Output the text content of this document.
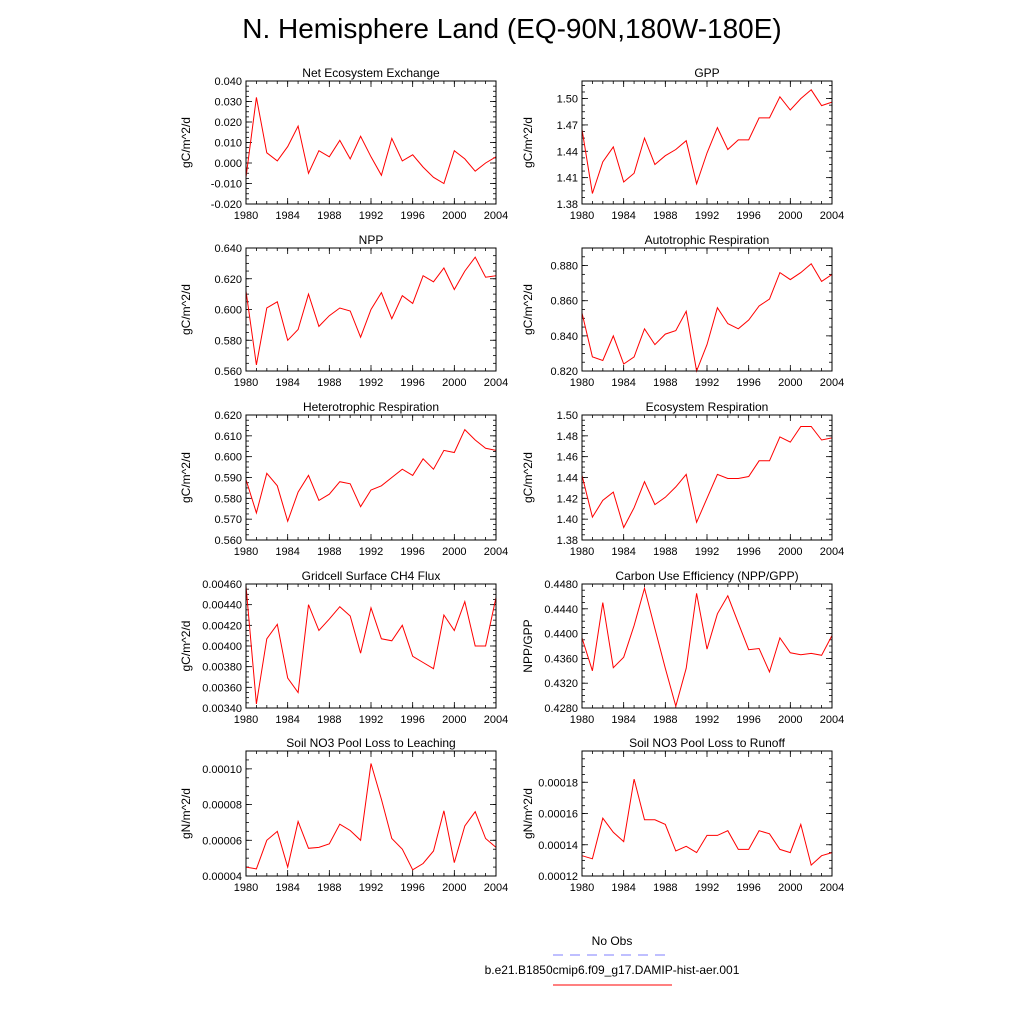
N. Hemisphere Land (EQ-90N,180W-180E)
Net Ecosystem Exchange
1980 1984 1988 1992 1996 2000 2004
-0.020
-0.010
0.000
0.010
0.020
0.030
0.040
gC/m^2/d
GPP
1980 1984 1988 1992 1996 2000 2004
1.38
1.41
1.44
1.47
1.50
gC/m^2/d
NPP
1980 1984 1988 1992 1996 2000 2004
0.560
0.580
0.600
0.620
0.640
gC/m^2/d
Autotrophic Respiration
1980 1984 1988 1992 1996 2000 2004
0.820
0.840
0.860
0.880
gC/m^2/d
Heterotrophic Respiration
1980 1984 1988 1992 1996 2000 2004
0.560
0.570
0.580
0.590
0.600
0.610
0.620
gC/m^2/d
Ecosystem Respiration
1980 1984 1988 1992 1996 2000 2004
1.38
1.40
1.42
1.44
1.46
1.48
1.50
gC/m^2/d
Gridcell Surface CH4 Flux
1980 1984 1988 1992 1996 2000 2004
0.00340
0.00360
0.00380
0.00400
0.00420
0.00440
0.00460
gC/m^2/d
Carbon Use Efficiency (NPP/GPP)
1980 1984 1988 1992 1996 2000 2004
0.4280
0.4320
0.4360
0.4400
0.4440
0.4480
NPP/GPP
Soil NO3 Pool Loss to Leaching
1980 1984 1988 1992 1996 2000 2004
0.00004
0.00006
0.00008
0.00010
gN/m^2/d
Soil NO3 Pool Loss to Runoff
1980 1984 1988 1992 1996 2000 2004
0.00012
0.00014
0.00016
0.00018
gN/m^2/d
No Obs
b.e21.B1850cmip6.f09_g17.DAMIP-hist-aer.001
